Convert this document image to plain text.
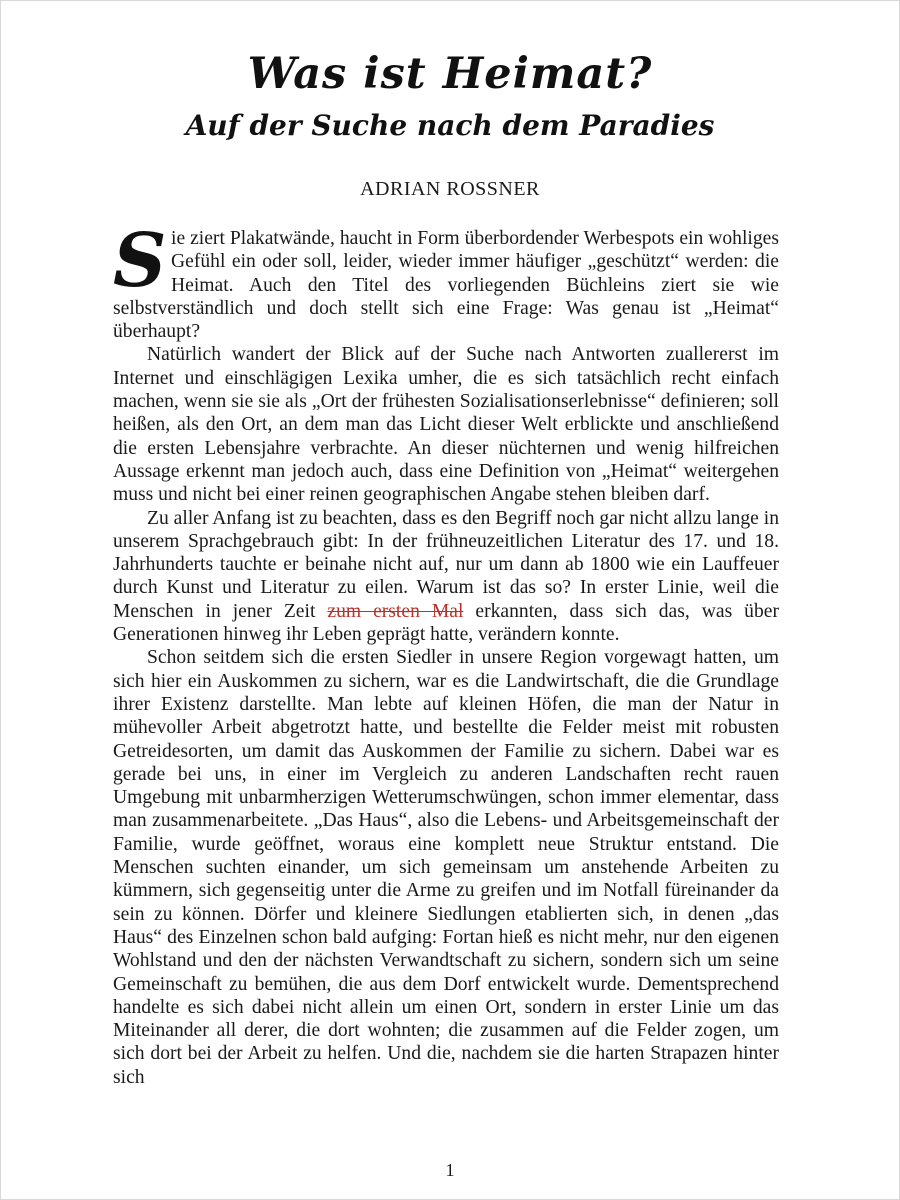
Was ist Heimat?
Auf der Suche nach dem Paradies
ADRIAN ROSSNER

Sie ziert Plakatwände, haucht in Form überbordender Werbespots ein wohliges Gefühl ein oder soll, leider, wieder immer häufiger „geschützt“ werden: die Heimat. Auch den Titel des vorliegenden Büchleins ziert sie wie selbstverständlich und doch stellt sich eine Frage: Was genau ist „Heimat“ überhaupt?

Natürlich wandert der Blick auf der Suche nach Antworten zuallererst im Internet und einschlägigen Lexika umher, die es sich tatsächlich recht einfach machen, wenn sie sie als „Ort der frühesten Sozialisationserlebnisse“ definieren; soll heißen, als den Ort, an dem man das Licht dieser Welt erblickte und anschließend die ersten Lebensjahre verbrachte. An dieser nüchternen und wenig hilfreichen Aussage erkennt man jedoch auch, dass eine Definition von „Heimat“ weitergehen muss und nicht bei einer reinen geographischen Angabe stehen bleiben darf.

Zu aller Anfang ist zu beachten, dass es den Begriff noch gar nicht allzu lange in unserem Sprachgebrauch gibt: In der frühneuzeitlichen Literatur des 17. und 18. Jahrhunderts tauchte er beinahe nicht auf, nur um dann ab 1800 wie ein Lauffeuer durch Kunst und Literatur zu eilen. Warum ist das so? In erster Linie, weil die Menschen in jener Zeit zum ersten Mal erkannten, dass sich das, was über Generationen hinweg ihr Leben geprägt hatte, verändern konnte.

Schon seitdem sich die ersten Siedler in unsere Region vorgewagt hatten, um sich hier ein Auskommen zu sichern, war es die Landwirtschaft, die die Grundlage ihrer Existenz darstellte. Man lebte auf kleinen Höfen, die man der Natur in mühevoller Arbeit abgetrotzt hatte, und bestellte die Felder meist mit robusten Getreidesorten, um damit das Auskommen der Familie zu sichern. Dabei war es gerade bei uns, in einer im Vergleich zu anderen Landschaften recht rauen Umgebung mit unbarmherzigen Wetterumschwüngen, schon immer elementar, dass man zusammenarbeitete. „Das Haus“, also die Lebens- und Arbeitsgemeinschaft der Familie, wurde geöffnet, woraus eine komplett neue Struktur entstand. Die Menschen suchten einander, um sich gemeinsam um anstehende Arbeiten zu kümmern, sich gegenseitig unter die Arme zu greifen und im Notfall füreinander da sein zu können. Dörfer und kleinere Siedlungen etablierten sich, in denen „das Haus“ des Einzelnen schon bald aufging: Fortan hieß es nicht mehr, nur den eigenen Wohlstand und den der nächsten Verwandtschaft zu sichern, sondern sich um seine Gemeinschaft zu bemühen, die aus dem Dorf entwickelt wurde. Dementsprechend handelte es sich dabei nicht allein um einen Ort, sondern in erster Linie um das Miteinander all derer, die dort wohnten; die zusammen auf die Felder zogen, um sich dort bei der Arbeit zu helfen. Und die, nachdem sie die harten Strapazen hinter sich

1
